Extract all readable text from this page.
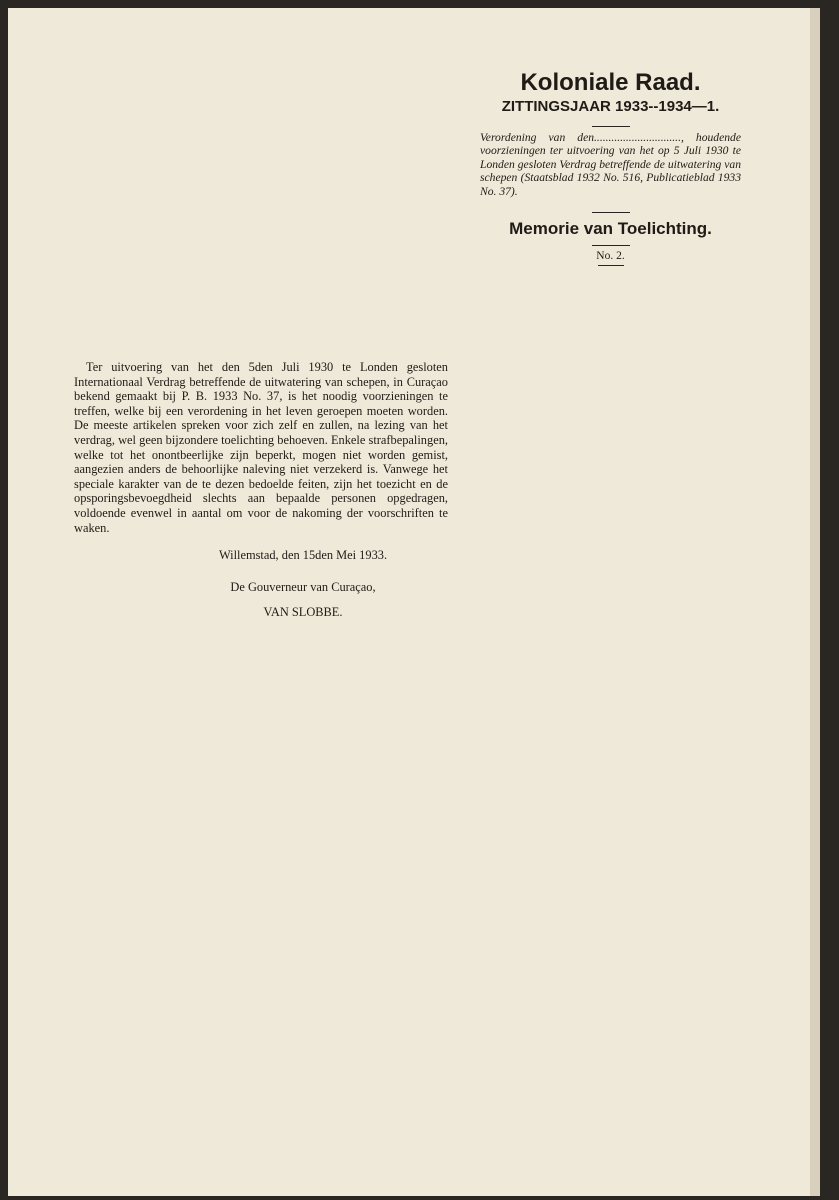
Koloniale Raad.

ZITTINGSJAAR 1933--1934—1.

Verordening van den.............................., houdende voorzieningen ter uitvoering van het op 5 Juli 1930 te Londen gesloten Verdrag betreffende de uitwatering van schepen (Staatsblad 1932 No. 516, Publicatieblad 1933 No. 37).

Memorie van Toelichting.

No. 2.

Ter uitvoering van het den 5den Juli 1930 te Londen gesloten Internationaal Verdrag betreffende de uitwatering van schepen, in Curaçao bekend gemaakt bij P. B. 1933 No. 37, is het noodig voorzieningen te treffen, welke bij een verordening in het leven geroepen moeten worden. De meeste artikelen spreken voor zich zelf en zullen, na lezing van het verdrag, wel geen bijzondere toelichting behoeven. Enkele strafbepalingen, welke tot het onontbeerlijke zijn beperkt, mogen niet worden gemist, aangezien anders de behoorlijke naleving niet verzekerd is. Vanwege het speciale karakter van de te dezen bedoelde feiten, zijn het toezicht en de opsporingsbevoegdheid slechts aan bepaalde personen opgedragen, voldoende evenwel in aantal om voor de nakoming der voorschriften te waken.

Willemstad, den 15den Mei 1933.

De Gouverneur van Curaçao,

VAN SLOBBE.
